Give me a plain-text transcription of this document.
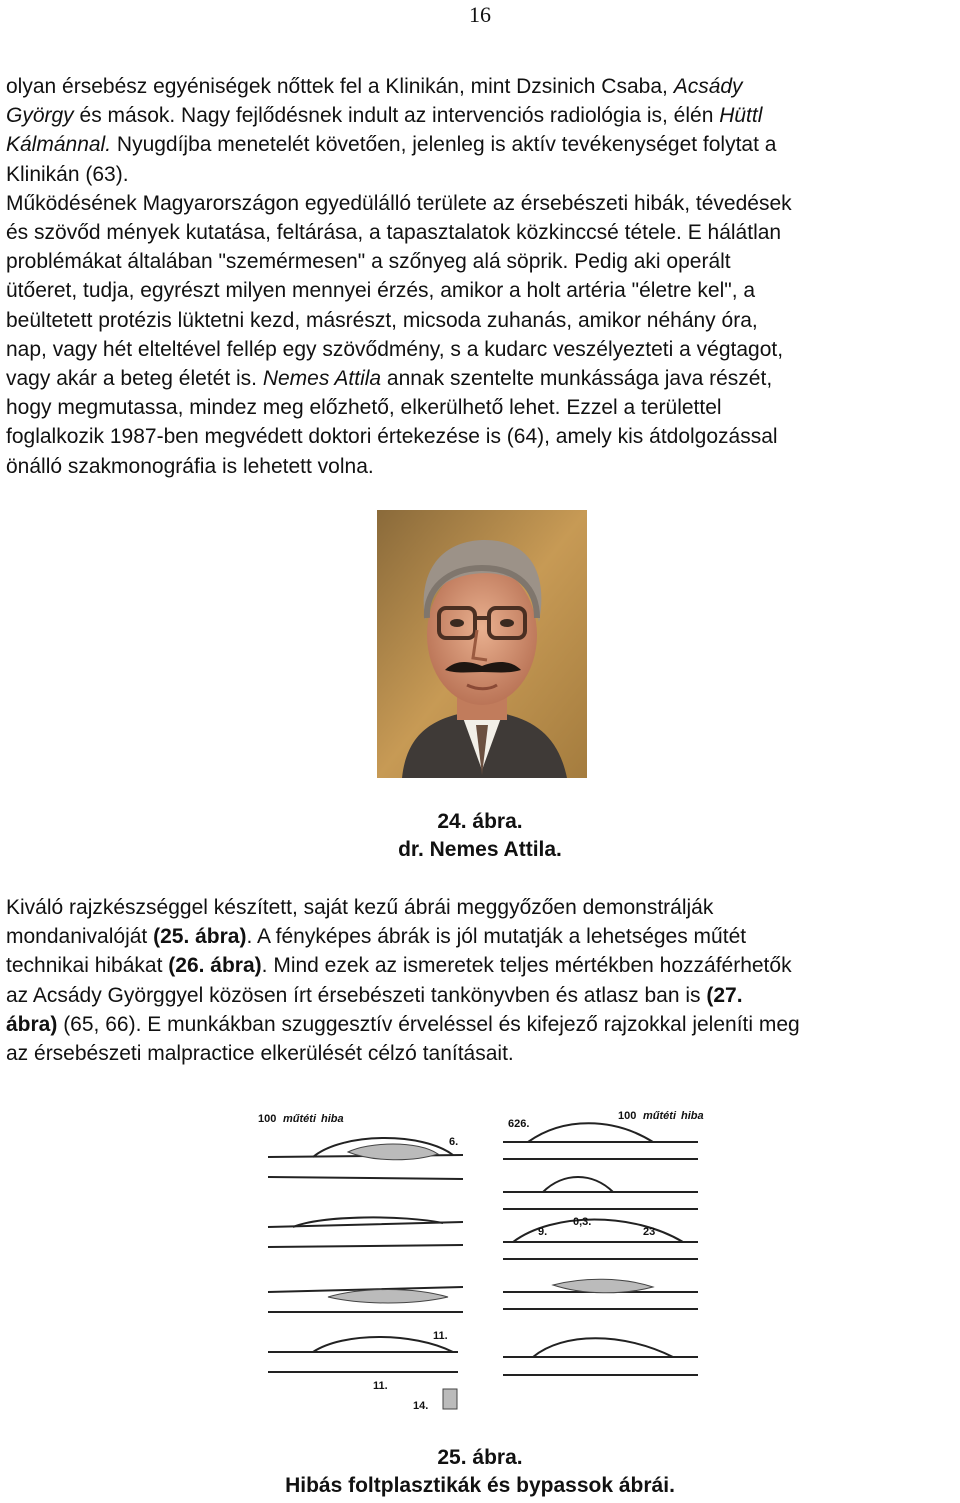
16
olyan érsebész egyéniségek nőttek fel a Klinikán, mint Dzsinich Csaba, Acsády
György és mások. Nagy fejlődésnek indult az intervenciós radiológia is, élén Hüttl
Kálmánnal. Nyugdíjba menetelét követően, jelenleg is aktív tevékenységet folytat a
Klinikán (63).
Működésének Magyarországon egyedülálló területe az érsebészeti hibák, tévedések
és szövőd mények kutatása, feltárása, a tapasztalatok közkinccsé tétele. E hálátlan
problémákat általában "szemérmesen" a szőnyeg alá söprik. Pedig aki operált
ütőeret, tudja, egyrészt milyen mennyei érzés, amikor a holt artéria "életre kel", a
beültetett protézis lüktetni kezd, másrészt, micsoda zuhanás, amikor néhány óra,
nap, vagy hét elteltével fellép egy szövődmény, s a kudarc veszélyezteti a végtagot,
vagy akár a beteg életét is. Nemes Attila annak szentelte munkássága java részét,
hogy megmutassa, mindez meg előzhető, elkerülhető lehet. Ezzel a területtel
foglalkozik 1987-ben megvédett doktori értekezése is (64), amely kis átdolgozással
önálló szakmonográfia is lehetett volna.
24. ábra.
dr. Nemes Attila.
Kiváló rajzkészséggel készített, saját kezű ábrái meggyőzően demonstrálják
mondanivalóját (25. ábra). A fényképes ábrák is jól mutatják a lehetséges műtét
technikai hibákat (26. ábra). Mind ezek az ismeretek teljes mértékben hozzáférhetők
az Acsády Györggyel közösen írt érsebészeti tankönyvben és atlasz ban is (27.
ábra) (65, 66). E munkákban szuggesztív érveléssel és kifejező rajzokkal jeleníti meg
az érsebészeti malpractice elkerülését célzó tanításait.
100 műtéti hiba
6.
626.
100 műtéti hiba
0,3.
9.	23
11.
11.
14.
25. ábra.
Hibás foltplasztikák és bypassok ábrái.
